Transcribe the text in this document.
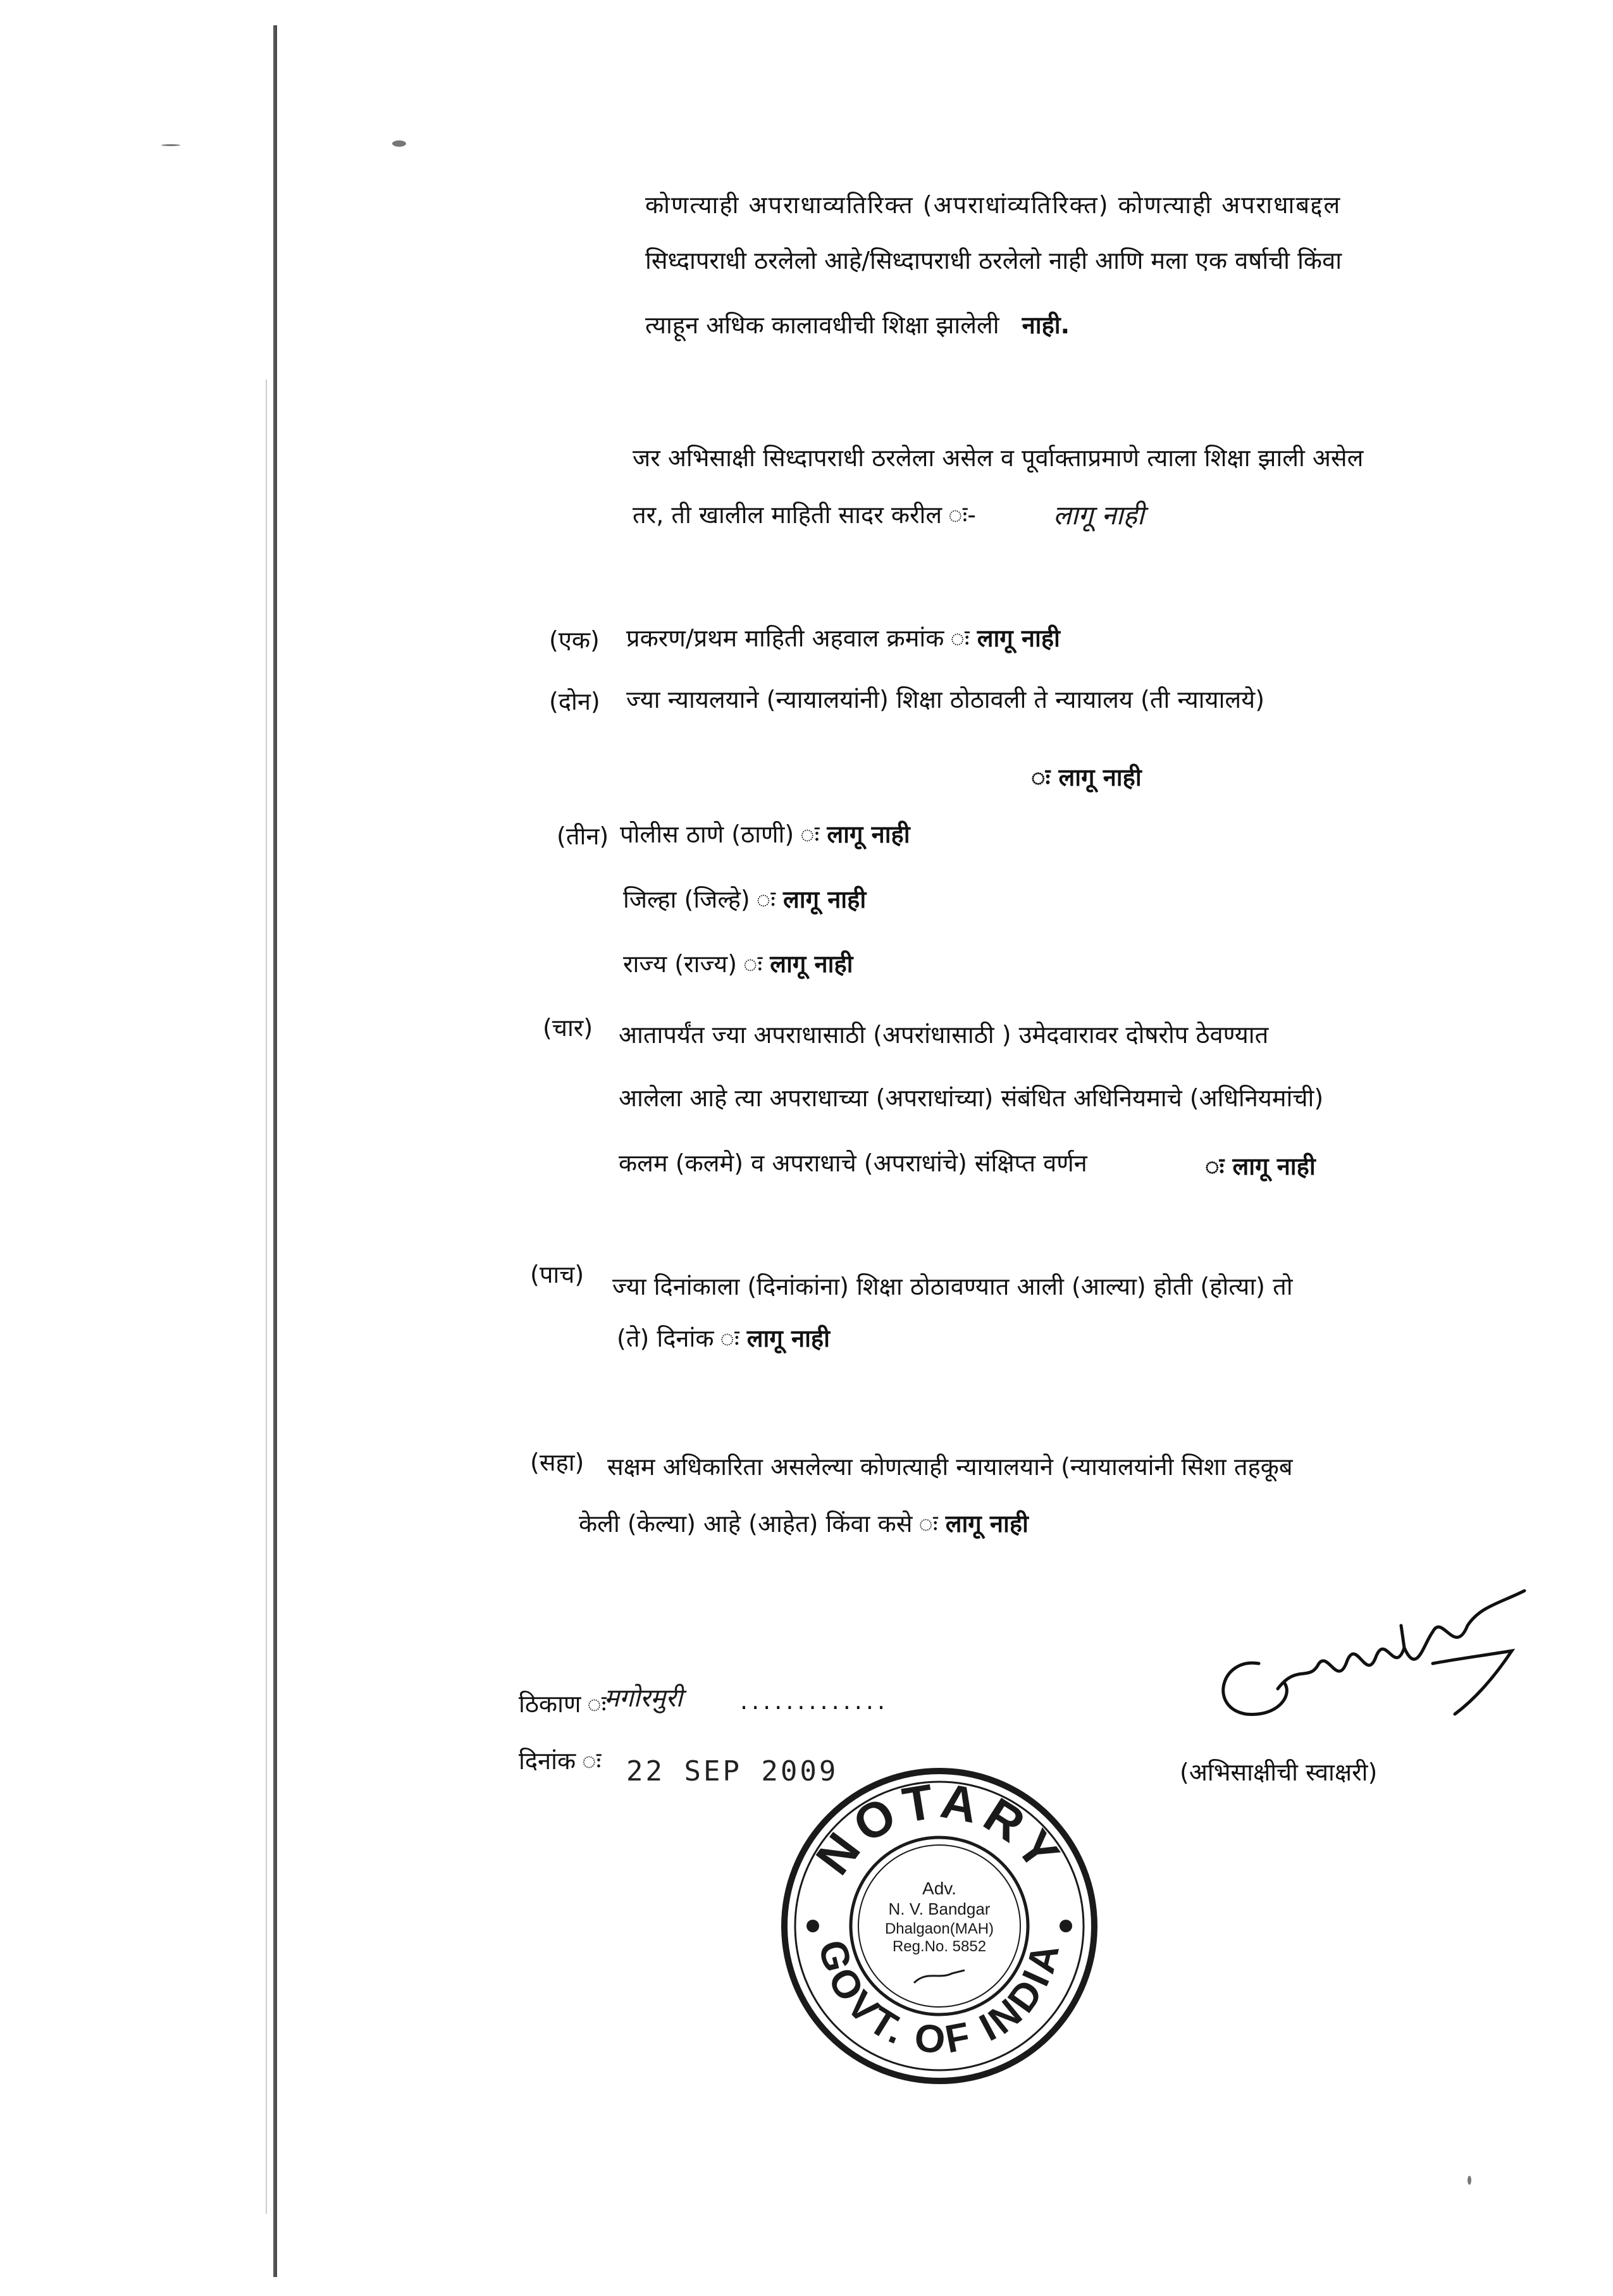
कोणत्याही अपराधाव्यतिरिक्त (अपराधांव्यतिरिक्त) कोणत्याही अपराधाबद्दल
सिध्दापराधी ठरलेलो आहे/सिध्दापराधी ठरलेलो नाही आणि मला एक वर्षाची किंवा
त्याहून अधिक कालावधीची शिक्षा झालेली नाही.
जर अभिसाक्षी सिध्दापराधी ठरलेला असेल व पूर्वाक्ताप्रमाणे त्याला शिक्षा झाली असेल
तर, ती खालील माहिती सादर करील ः-	लागू नाही
(एक) प्रकरण/प्रथम माहिती अहवाल क्रमांक ः लागू नाही
(दोन) ज्या न्यायलयाने (न्यायालयांनी) शिक्षा ठोठावली ते न्यायालय (ती न्यायालये)
ः लागू नाही
(तीन) पोलीस ठाणे (ठाणी) ः लागू नाही
जिल्हा (जिल्हे) ः लागू नाही
राज्य (राज्य) ः लागू नाही
(चार) आतापर्यंत ज्या अपराधासाठी (अपरांधासाठी ) उमेदवारावर दोषरोप ठेवण्यात
आलेला आहे त्या अपराधाच्या (अपराधांच्या) संबंधित अधिनियमाचे (अधिनियमांची)
कलम (कलमे) व अपराधाचे (अपराधांचे) संक्षिप्त वर्णन	ः लागू नाही
(पाच) ज्या दिनांकाला (दिनांकांना) शिक्षा ठोठावण्यात आली (आल्या) होती (होत्या) तो
(ते) दिनांक ः लागू नाही
(सहा) सक्षम अधिकारिता असलेल्या कोणत्याही न्यायालयाने (न्यायालयांनी सिशा तहकूब
केली (केल्या) आहे (आहेत) किंवा कसे ः लागू नाही
ठिकाण ः
मगोरमुरी .............
दिनांक ः 22 SEP 2009	(अभिसाक्षीची स्वाक्षरी)
NOTARY
GOVT. OF INDIA
Adv.
N. V. Bandgar
Dhalgaon(MAH)
Reg.No. 5852
